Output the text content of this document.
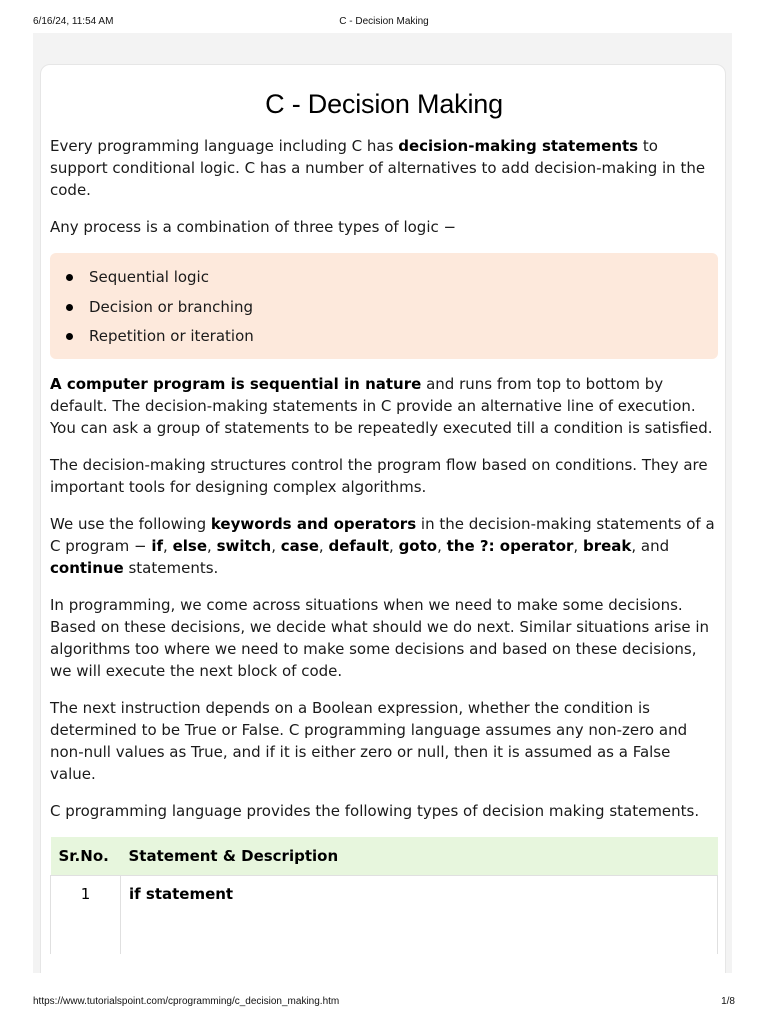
6/16/24, 11:54 AM	C - Decision Making
C - Decision Making

Every programming language including C has decision-making statements to support conditional logic. C has a number of alternatives to add decision-making in the code.

Any process is a combination of three types of logic −

Sequential logic
Decision or branching
Repetition or iteration

A computer program is sequential in nature and runs from top to bottom by default. The decision-making statements in C provide an alternative line of execution. You can ask a group of statements to be repeatedly executed till a condition is satisfied.

The decision-making structures control the program flow based on conditions. They are important tools for designing complex algorithms.

We use the following keywords and operators in the decision-making statements of a C program − if, else, switch, case, default, goto, the ?: operator, break, and continue statements.

In programming, we come across situations when we need to make some decisions. Based on these decisions, we decide what should we do next. Similar situations arise in algorithms too where we need to make some decisions and based on these decisions, we will execute the next block of code.

The next instruction depends on a Boolean expression, whether the condition is determined to be True or False. C programming language assumes any non-zero and non-null values as True, and if it is either zero or null, then it is assumed as a False value.

C programming language provides the following types of decision making statements.

Sr.No.	Statement & Description
1	if statement
https://www.tutorialspoint.com/cprogramming/c_decision_making.htm	1/8
